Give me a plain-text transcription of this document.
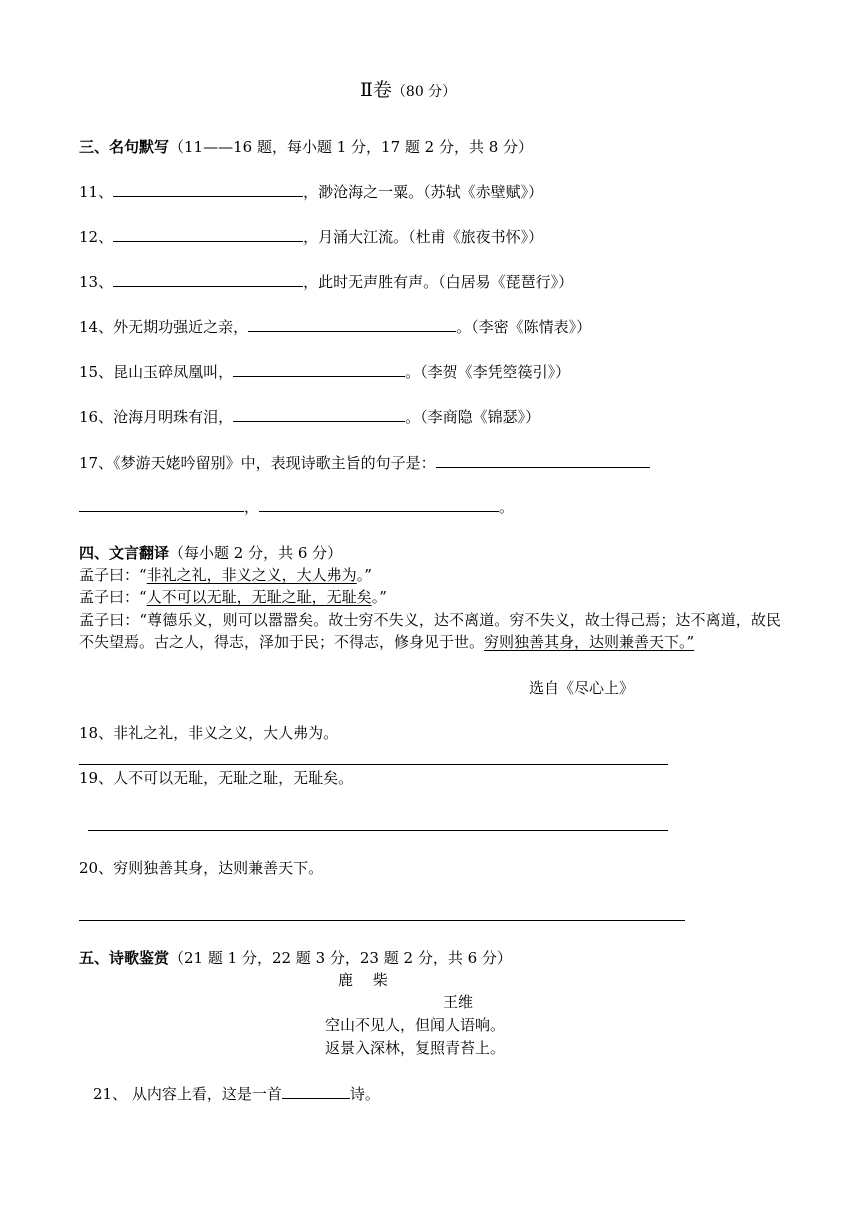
Ⅱ卷（80 分）
三、名句默写（11——16 题，每小题 1 分，17 题 2 分，共 8 分）
11、	，渺沧海之一粟。（苏轼《赤壁赋》）
12、	，月涌大江流。（杜甫《旅夜书怀》）
13、	，此时无声胜有声。（白居易《琵琶行》）
14、外无期功强近之亲，	。（李密《陈情表》）
15、昆山玉碎凤凰叫，	。（李贺《李凭箜篌引》）
16、沧海月明珠有泪，	。（李商隐《锦瑟》）
17、《梦游天姥吟留别》中，表现诗歌主旨的句子是：
，	。
四、文言翻译（每小题 2 分，共 6 分）
孟子曰：“非礼之礼，非义之义，大人弗为。”
孟子曰：“人不可以无耻，无耻之耻，无耻矣。”
孟子曰：“尊德乐义，则可以嚣嚣矣。故士穷不失义，达不离道。穷不失义，故士得己焉；达不离道，故民不失望焉。古之人，得志，泽加于民；不得志，修身见于世。穷则独善其身，达则兼善天下。”
选自《尽心上》
18、非礼之礼，非义之义，大人弗为。
19、人不可以无耻，无耻之耻，无耻矣。
20、穷则独善其身，达则兼善天下。
五、诗歌鉴赏（21 题 1 分，22 题 3 分，23 题 2 分，共 6 分）
鹿　 柴
王维
空山不见人，但闻人语响。
返景入深林，复照青苔上。
21、 从内容上看，这是一首	诗。
